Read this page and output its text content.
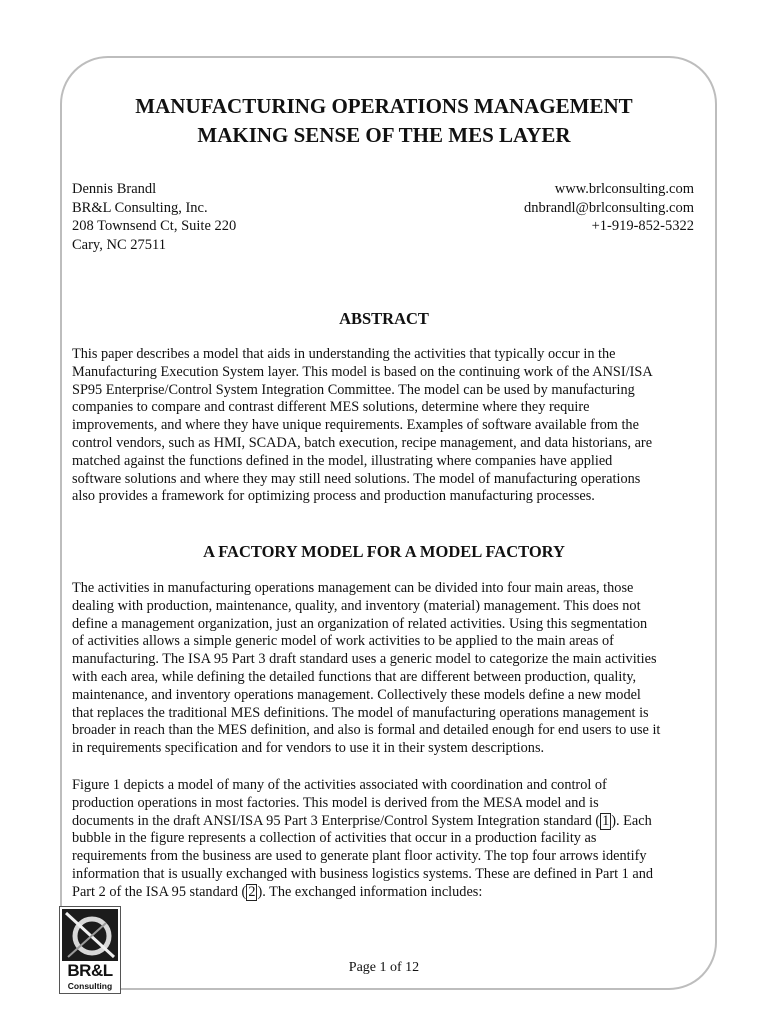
MANUFACTURING OPERATIONS MANAGEMENT
MAKING SENSE OF THE MES LAYER
Dennis Brandl
BR&L Consulting, Inc.
208 Townsend Ct, Suite 220
Cary, NC 27511
www.brlconsulting.com
dnbrandl@brlconsulting.com
+1-919-852-5322
ABSTRACT
This paper describes a model that aids in understanding the activities that typically occur in the
Manufacturing Execution System layer. This model is based on the continuing work of the ANSI/ISA
SP95 Enterprise/Control System Integration Committee. The model can be used by manufacturing
companies to compare and contrast different MES solutions, determine where they require
improvements, and where they have unique requirements. Examples of software available from the
control vendors, such as HMI, SCADA, batch execution, recipe management, and data historians, are
matched against the functions defined in the model, illustrating where companies have applied
software solutions and where they may still need solutions. The model of manufacturing operations
also provides a framework for optimizing process and production manufacturing processes.
A FACTORY MODEL FOR A MODEL FACTORY
The activities in manufacturing operations management can be divided into four main areas, those
dealing with production, maintenance, quality, and inventory (material) management. This does not
define a management organization, just an organization of related activities. Using this segmentation
of activities allows a simple generic model of work activities to be applied to the main areas of
manufacturing. The ISA 95 Part 3 draft standard uses a generic model to categorize the main activities
with each area, while defining the detailed functions that are different between production, quality,
maintenance, and inventory operations management. Collectively these models define a new model
that replaces the traditional MES definitions. The model of manufacturing operations management is
broader in reach than the MES definition, and also is formal and detailed enough for end users to use it
in requirements specification and for vendors to use it in their system descriptions.
Figure 1 depicts a model of many of the activities associated with coordination and control of
production operations in most factories. This model is derived from the MESA model and is
documents in the draft ANSI/ISA 95 Part 3 Enterprise/Control System Integration standard ( 1 ). Each
bubble in the figure represents a collection of activities that occur in a production facility as
requirements from the business are used to generate plant floor activity. The top four arrows identify
information that is usually exchanged with business logistics systems. These are defined in Part 1 and
Part 2 of the ISA 95 standard ( 2 ). The exchanged information includes:
BR&L
Consulting
Page 1 of 12
